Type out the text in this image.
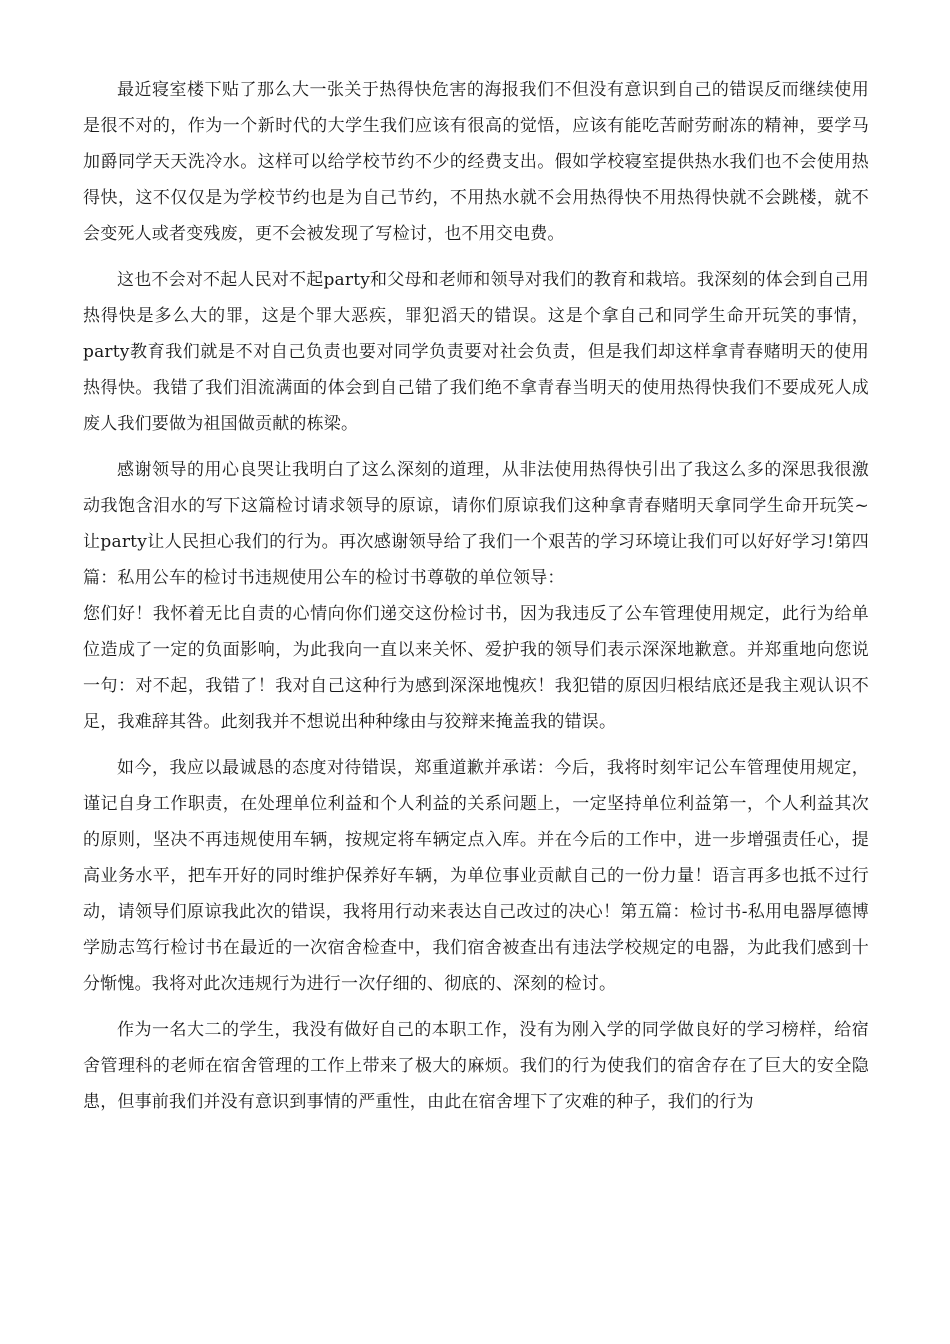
最近寝室楼下贴了那么大一张关于热得快危害的海报我们不但没有意识到自己的错误反而继续使用是很不对的，作为一个新时代的大学生我们应该有很高的觉悟，应该有能吃苦耐劳耐冻的精神，要学马加爵同学天天洗冷水。这样可以给学校节约不少的经费支出。假如学校寝室提供热水我们也不会使用热得快，这不仅仅是为学校节约也是为自己节约，不用热水就不会用热得快不用热得快就不会跳楼，就不会变死人或者变残废，更不会被发现了写检讨，也不用交电费。

这也不会对不起人民对不起party和父母和老师和领导对我们的教育和栽培。我深刻的体会到自己用热得快是多么大的罪，这是个罪大恶疾，罪犯滔天的错误。这是个拿自己和同学生命开玩笑的事情，party教育我们就是不对自己负责也要对同学负责要对社会负责，但是我们却这样拿青春赌明天的使用热得快。我错了我们泪流满面的体会到自己错了我们绝不拿青春当明天的使用热得快我们不要成死人成废人我们要做为祖国做贡献的栋梁。

感谢领导的用心良哭让我明白了这么深刻的道理，从非法使用热得快引出了我这么多的深思我很激动我饱含泪水的写下这篇检讨请求领导的原谅，请你们原谅我们这种拿青春赌明天拿同学生命开玩笑~让party让人民担心我们的行为。再次感谢领导给了我们一个艰苦的学习环境让我们可以好好学习!第四篇：私用公车的检讨书违规使用公车的检讨书尊敬的单位领导：

您们好！我怀着无比自责的心情向你们递交这份检讨书，因为我违反了公车管理使用规定，此行为给单位造成了一定的负面影响，为此我向一直以来关怀、爱护我的领导们表示深深地歉意。并郑重地向您说一句：对不起，我错了！我对自己这种行为感到深深地愧疚！我犯错的原因归根结底还是我主观认识不足，我难辞其咎。此刻我并不想说出种种缘由与狡辩来掩盖我的错误。

如今，我应以最诚恳的态度对待错误，郑重道歉并承诺：今后，我将时刻牢记公车管理使用规定，谨记自身工作职责，在处理单位利益和个人利益的关系问题上，一定坚持单位利益第一，个人利益其次的原则，坚决不再违规使用车辆，按规定将车辆定点入库。并在今后的工作中，进一步增强责任心，提高业务水平，把车开好的同时维护保养好车辆，为单位事业贡献自己的一份力量！语言再多也抵不过行动，请领导们原谅我此次的错误，我将用行动来表达自己改过的决心！第五篇：检讨书-私用电器厚德博学励志笃行检讨书在最近的一次宿舍检查中，我们宿舍被查出有违法学校规定的电器，为此我们感到十分惭愧。我将对此次违规行为进行一次仔细的、彻底的、深刻的检讨。

作为一名大二的学生，我没有做好自己的本职工作，没有为刚入学的同学做良好的学习榜样，给宿舍管理科的老师在宿舍管理的工作上带来了极大的麻烦。我们的行为使我们的宿舍存在了巨大的安全隐患，但事前我们并没有意识到事情的严重性，由此在宿舍埋下了灾难的种子，我们的行为
